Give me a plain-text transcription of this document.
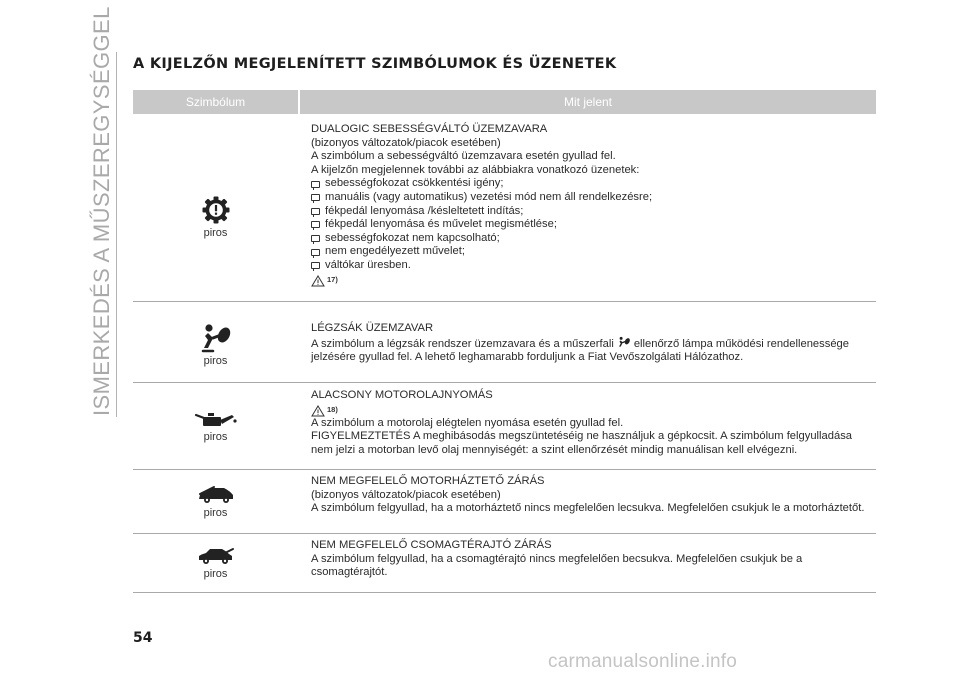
ISMERKEDÉS A MŰSZEREGYSÉGGEL A KIJELZŐN MEGJELENÍTETT SZIMBÓLUMOK ÉS ÜZENETEK
Szimbólum	Mit jelent
piros
DUALOGIC SEBESSÉGVÁLTÓ ÜZEMZAVARA
(bizonyos változatok/piacok esetében)
A szimbólum a sebességváltó üzemzavara esetén gyullad fel.
A kijelzőn megjelennek további az alábbiakra vonatkozó üzenetek:
sebességfokozat csökkentési igény;
manuális (vagy automatikus) vezetési mód nem áll rendelkezésre;
fékpedál lenyomása /késleltetett indítás;
fékpedál lenyomása és művelet megismétlése;
sebességfokozat nem kapcsolható;
nem engedélyezett művelet;
váltókar üresben.
17)
piros
LÉGZSÁK ÜZEMZAVAR
A szimbólum a légzsák rendszer üzemzavara és a műszerfali ellenőrző lámpa működési rendellenessége jelzésére gyullad fel. A lehető leghamarabb forduljunk a Fiat Vevőszolgálati Hálózathoz.
piros
ALACSONY MOTOROLAJNYOMÁS
18)
A szimbólum a motorolaj elégtelen nyomása esetén gyullad fel.
FIGYELMEZTETÉS A meghibásodás megszüntetéséig ne használjuk a gépkocsit. A szimbólum felgyulladása nem jelzi a motorban levő olaj mennyiségét: a szint ellenőrzését mindig manuálisan kell elvégezni.
piros
NEM MEGFELELŐ MOTORHÁZTETŐ ZÁRÁS
(bizonyos változatok/piacok esetében)
A szimbólum felgyullad, ha a motorháztető nincs megfelelően lecsukva. Megfelelően csukjuk le a motorháztetőt.
piros
NEM MEGFELELŐ CSOMAGTÉRAJTÓ ZÁRÁS
A szimbólum felgyullad, ha a csomagtérajtó nincs megfelelően becsukva. Megfelelően csukjuk be a csomagtérajtót.

54

carmanualsonline.info
